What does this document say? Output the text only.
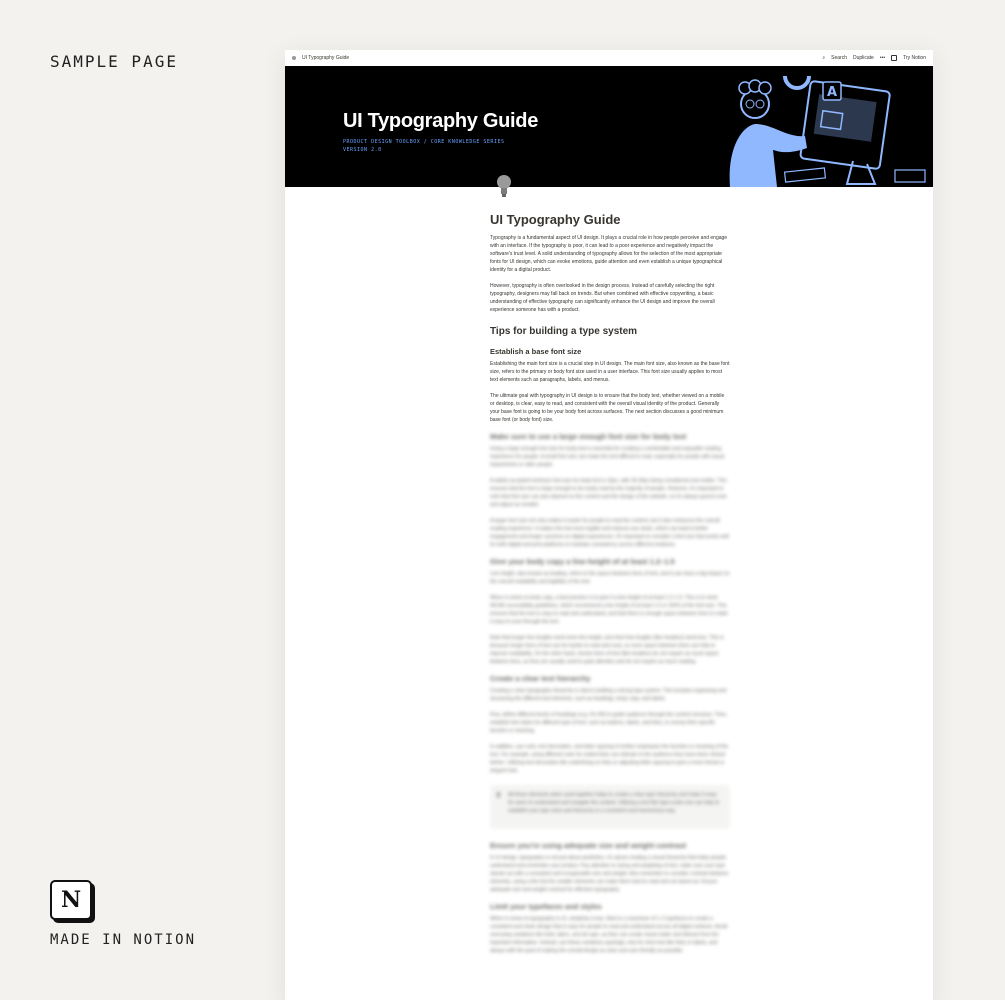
SAMPLE PAGE
N
MADE IN NOTION
UI Typography Guide	⌕ Search Duplicate •••	Try Notion
UI Typography Guide
PRODUCT DESIGN TOOLBOX / CORE KNOWLEDGE SERIES
VERSION 2.0
A
UI Typography Guide

Typography is a fundamental aspect of UI design. It plays a crucial role in how people perceive and engage with an interface. If the typography is poor, it can lead to a poor experience and negatively impact the software's trust level. A solid understanding of typography allows for the selection of the most appropriate fonts for UI design, which can evoke emotions, guide attention and even establish a unique typographical identity for a digital product.

However, typography is often overlooked in the design process. Instead of carefully selecting the right typography, designers may fall back on trends. But when combined with effective copywriting, a basic understanding of effective typography can significantly enhance the UI design and improve the overall experience someone has with a product.

Tips for building a type system
Establish a base font size

Establishing the main font size is a crucial step in UI design. The main font size, also known as the base font size, refers to the primary or body font size used in a user interface. This font size usually applies to most text elements such as paragraphs, labels, and menus.

The ultimate goal with typography in UI design is to ensure that the body text, whether viewed on a mobile or desktop, is clear, easy to read, and consistent with the overall visual identity of the product. Generally your base font is going to be your body font across surfaces. The next section discusses a good minimum base font (or body font) size.

Make sure to use a large enough font size for body text

Using a large enough font size for body text is essential for creating a comfortable and enjoyable reading experience for people. A small font size can make the text difficult to read, especially for people with visual impairments or older people.

A widely accepted minimum font size for body text is 16px, with 18-20px being considered even better. This ensures that the text is large enough to be easily read by the majority of people. However, it's important to note that font size can also depend on the context and the design of the website, so it's always good to test and adjust as needed.

A larger font size not only makes it easier for people to read the content, but it also enhances the overall reading experience. It makes the text more legible and reduces eye strain, which can lead to better engagement and longer sessions on digital experiences. It's important to consider a font size that works well for both digital and print platforms to maintain consistency across different mediums.

Give your body copy a line-height of at least 1.2–1.5

Line height, also known as leading, refers to the space between lines of text, and it can have a big impact on the overall readability and legibility of the text.

When it comes to body copy, a best practice is to give it a line height of at least 1.2–1.5. This is to meet WCAG accessibility guidelines, which recommend a line height of at least 1.5 or 150% of the font size. This ensures that the text is easy to read and understand, and that there is enough space between lines to make it easy to scan through the text.

Note that longer line lengths need more line height, and short line lengths (like headers) need less. This is because longer lines of text can be harder to read and scan, so more space between lines can help to improve readability. On the other hand, shorter lines of text (like headers) do not require as much space between lines, as they are usually used to grab attention and do not require as much reading.

Create a clear text hierarchy

Creating a clear typography hierarchy is vital to building a strong type system. This includes organizing and structuring the different text elements, such as headings, body copy, and labels.

First, define different levels of headings (e.g. H1-H6) to guide audience through the content structure. Then, establish text styles for different type of text, such as buttons, labels, and links, to convey their specific function or meaning.

In addition, use color, text decoration, and letter spacing to further emphasize the function or meaning of the text. For example, using different color for visited links can indicate to the audience they have been clicked before. Utilizing text decoration like underlining on links or adjusting letter spacing to give a more formal or elegant look.

All these elements when used together helps to create a clear type hierarchy and make it easy for users to understand and navigate the content. Utilizing a tool like type-scale.com can help to establish your type sizes and hierarchy in a consistent and harmonious way.

Ensure you're using adequate size and weight contrast

In UI design, typography is not just about aesthetics, it's about creating a visual hierarchy that helps people understand and remember your product. Pay attention to sizing and weighting of text, make sure your type stands out with a consistent and recognizable size and weight. Also remember to consider contrast between elements, using a thin font for smaller elements can make them hard to read and not stand out. Ensure adequate size and weight contrast for effective typography.

Limit your typefaces and styles

When it comes to typography in UI, simplicity is key. Stick to a maximum of 1–2 typefaces to create a consistent and clean design that is easy for people to read and understand across all digital surfaces. Avoid overusing variations like bold, italics, and all caps, as they can create visual clutter and distract from the important information. Instead, use these variations sparingly, only for short text like links or labels, and always with the goal of making the overall design as clear and user-friendly as possible.
